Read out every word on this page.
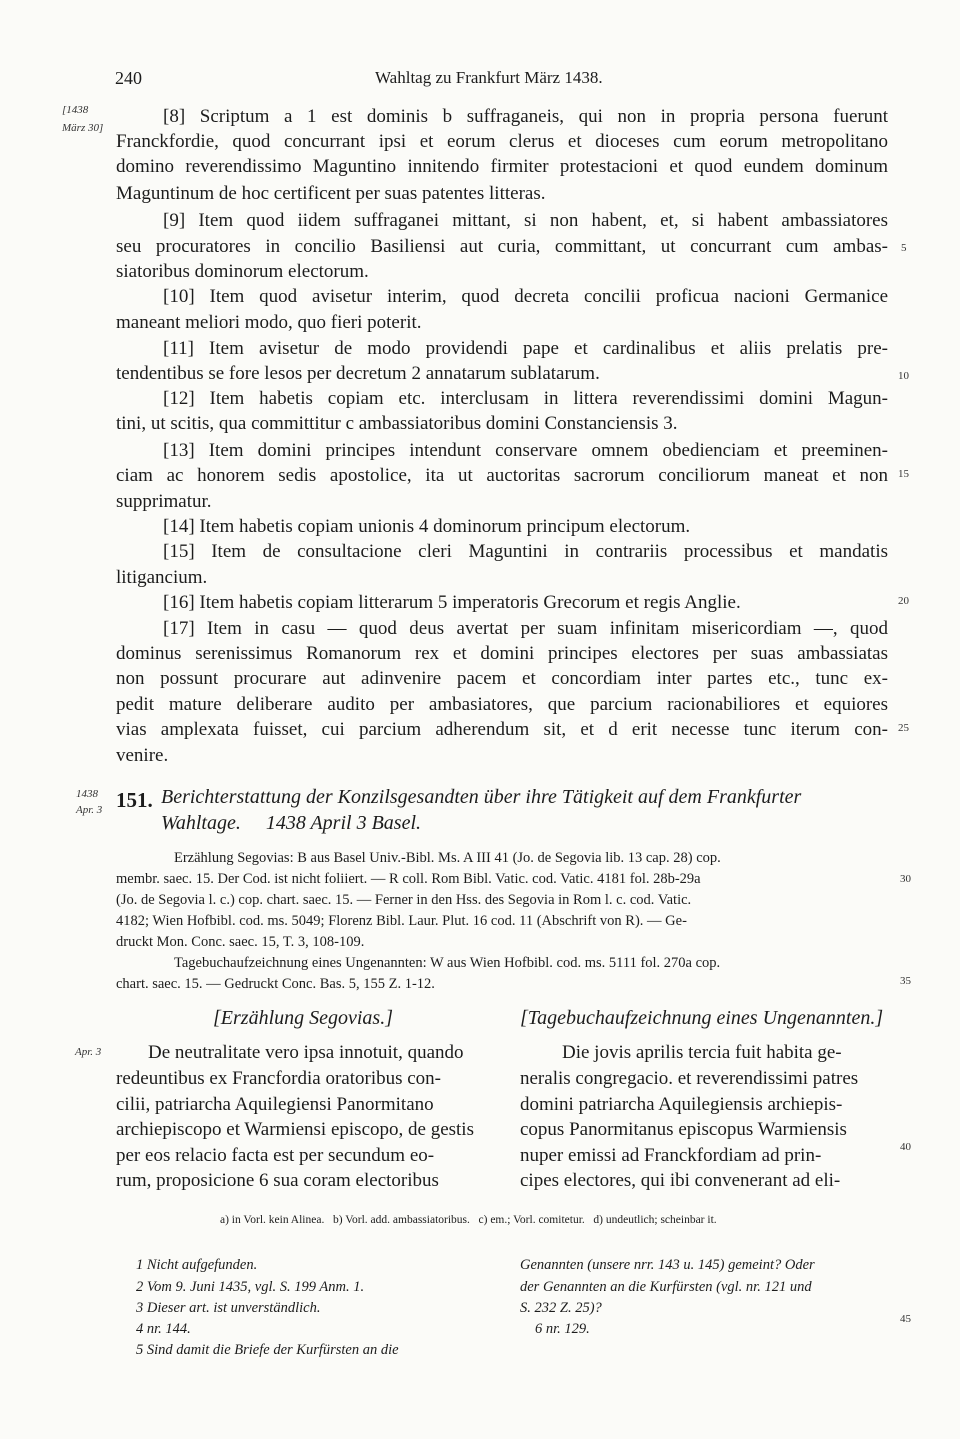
240	Wahltag zu Frankfurt März 1438.
[1438
März 30]
1438
Apr. 3
Apr. 3
5
10
15
20
25
30
35
40
45

[8] Scriptum a 1 est dominis b suffraganeis, qui non in propria persona fuerunt

Franckfordie, quod concurrant ipsi et eorum clerus et dioceses cum eorum metropolitano

domino reverendissimo Maguntino innitendo firmiter protestacioni et quod eundem dominum

Maguntinum de hoc certificent per suas patentes litteras.

[9] Item quod iidem suffraganei mittant, si non habent, et, si habent ambassiatores

seu procuratores in concilio Basiliensi aut curia, committant, ut concurrant cum ambas-

siatoribus dominorum electorum.

[10] Item quod avisetur interim, quod decreta concilii proficua nacioni Germanice

maneant meliori modo, quo fieri poterit.

[11] Item avisetur de modo providendi pape et cardinalibus et aliis prelatis pre-

tendentibus se fore lesos per decretum 2 annatarum sublatarum.

[12] Item habetis copiam etc. interclusam in littera reverendissimi domini Magun-

tini, ut scitis, qua committitur c ambassiatoribus domini Constanciensis 3.

[13] Item domini principes intendunt conservare omnem obedienciam et preeminen-

ciam ac honorem sedis apostolice, ita ut auctoritas sacrorum conciliorum maneat et non

supprimatur.

[14] Item habetis copiam unionis 4 dominorum principum electorum.

[15] Item de consultacione cleri Maguntini in contrariis processibus et mandatis

litigancium.

[16] Item habetis copiam litterarum 5 imperatoris Grecorum et regis Anglie.

[17] Item in casu — quod deus avertat per suam infinitam misericordiam —, quod

dominus serenissimus Romanorum rex et domini principes electores per suas ambassiatas

non possunt procurare aut adinvenire pacem et concordiam inter partes etc., tunc ex-

pedit mature deliberare audito per ambasiatores, que parcium racionabiliores et equiores

vias amplexata fuisset, cui parcium adherendum sit, et d erit necesse tunc iterum con-

venire.

151. Berichterstattung der Konzilsgesandten über ihre Tätigkeit auf dem Frankfurter
Wahltage.     1438 April 3 Basel.
Erzählung Segovias: B aus Basel Univ.-Bibl. Ms. A III 41 (Jo. de Segovia lib. 13 cap. 28) cop.
membr. saec. 15. Der Cod. ist nicht foliiert. — R coll. Rom Bibl. Vatic. cod. Vatic. 4181 fol. 28b-29a
(Jo. de Segovia l. c.) cop. chart. saec. 15. — Ferner in den Hss. des Segovia in Rom l. c. cod. Vatic.
4182; Wien Hofbibl. cod. ms. 5049; Florenz Bibl. Laur. Plut. 16 cod. 11 (Abschrift von R). — Ge-
druckt Mon. Conc. saec. 15, T. 3, 108-109.
Tagebuchaufzeichnung eines Ungenannten: W aus Wien Hofbibl. cod. ms. 5111 fol. 270a cop.
chart. saec. 15. — Gedruckt Conc. Bas. 5, 155 Z. 1-12.
[Erzählung Segovias.]	[Tagebuchaufzeichnung eines Ungenannten.]
De neutralitate vero ipsa innotuit, quando
redeuntibus ex Francfordia oratoribus con-
cilii, patriarcha Aquilegiensi Panormitano
archiepiscopo et Warmiensi episcopo, de gestis
per eos relacio facta est per secundum eo-
rum, proposicione 6 sua coram electoribus
Die jovis aprilis tercia fuit habita ge-
neralis congregacio. et reverendissimi patres
domini patriarcha Aquilegiensis archiepis-
copus Panormitanus episcopus Warmiensis
nuper emissi ad Franckfordiam ad prin-
cipes electores, qui ibi convenerant ad eli-
a) in Vorl. kein Alinea.   b) Vorl. add. ambassiatoribus.   c) em.; Vorl. comitetur.   d) undeutlich; scheinbar it.
1 Nicht aufgefunden.
2 Vom 9. Juni 1435, vgl. S. 199 Anm. 1.
3 Dieser art. ist unverständlich.
4 nr. 144.
5 Sind damit die Briefe der Kurfürsten an die
Genannten (unsere nrr. 143 u. 145) gemeint? Oder
der Genannten an die Kurfürsten (vgl. nr. 121 und
S. 232 Z. 25)?
6 nr. 129.
